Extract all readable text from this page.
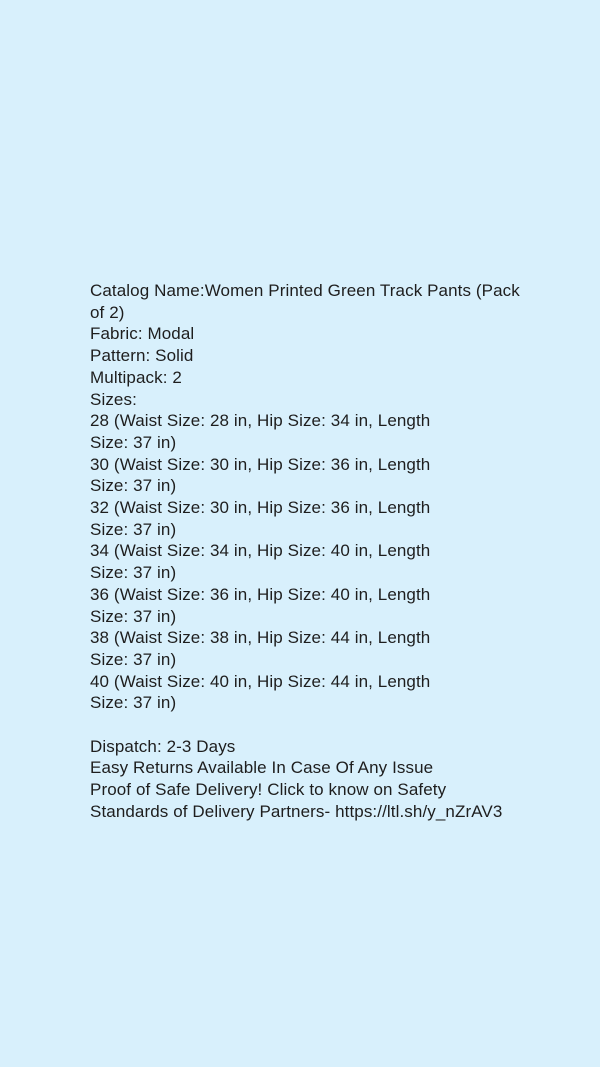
Catalog Name:Women Printed Green Track Pants (Pack
of 2)
Fabric: Modal
Pattern: Solid
Multipack: 2
Sizes:
28 (Waist Size: 28 in, Hip Size: 34 in, Length
Size: 37 in)
30 (Waist Size: 30 in, Hip Size: 36 in, Length
Size: 37 in)
32 (Waist Size: 30 in, Hip Size: 36 in, Length
Size: 37 in)
34 (Waist Size: 34 in, Hip Size: 40 in, Length
Size: 37 in)
36 (Waist Size: 36 in, Hip Size: 40 in, Length
Size: 37 in)
38 (Waist Size: 38 in, Hip Size: 44 in, Length
Size: 37 in)
40 (Waist Size: 40 in, Hip Size: 44 in, Length
Size: 37 in)
Dispatch: 2-3 Days
Easy Returns Available In Case Of Any Issue
Proof of Safe Delivery! Click to know on Safety
Standards of Delivery Partners- https://ltl.sh/y_nZrAV3
